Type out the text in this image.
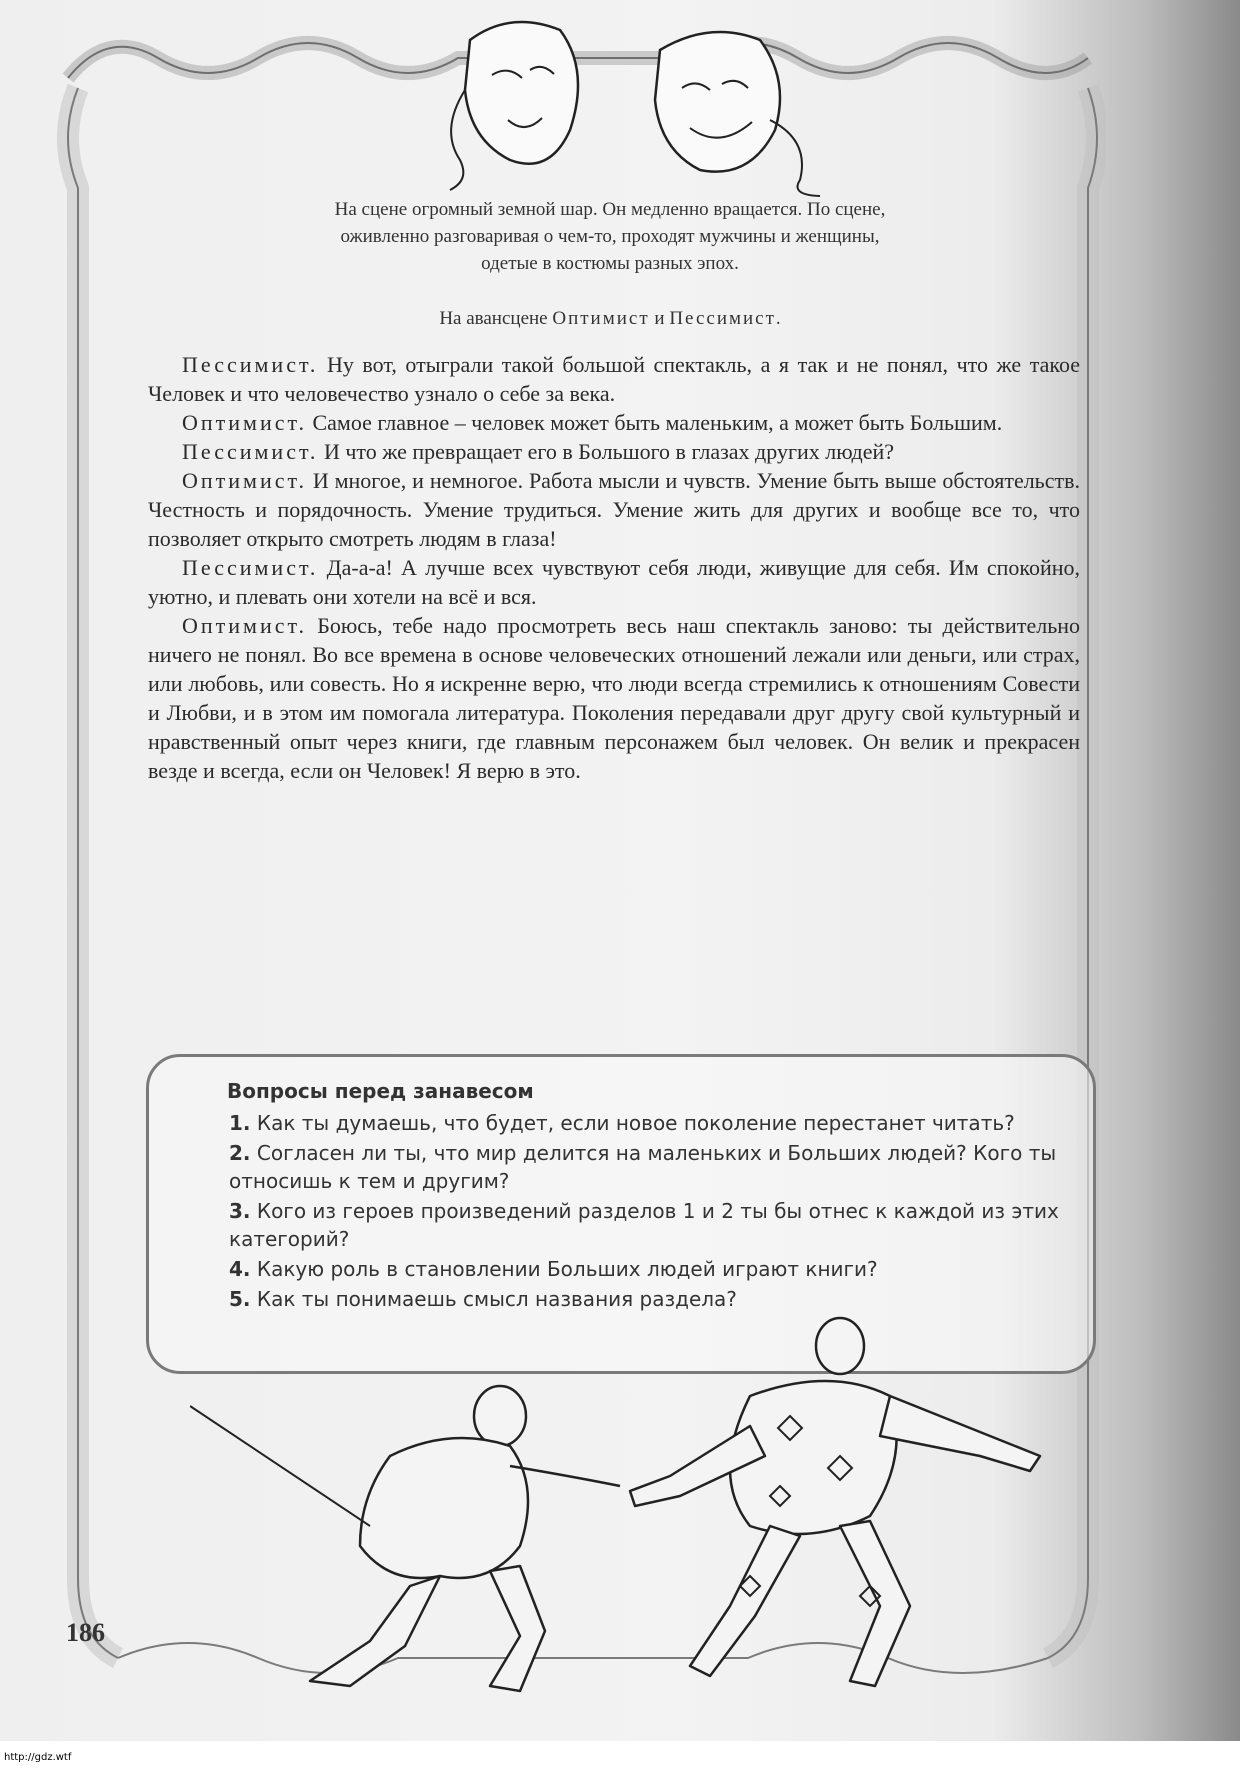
На сцене огромный земной шар. Он медленно вращается. По сцене,

оживленно разговаривая о чем-то, проходят мужчины и женщины,

одетые в костюмы разных эпох.

На авансцене Оптимист и Пессимист.

Пессимист. Ну вот, отыграли такой большой спектакль, а я так и не понял, что же такое Человек и что человечество узнало о себе за века.

Оптимист. Самое главное – человек может быть маленьким, а может быть Большим.

Пессимист. И что же превращает его в Большого в глазах других людей?

Оптимист. И многое, и немногое. Работа мысли и чувств. Умение быть выше обстоятельств. Честность и порядочность. Умение трудиться. Умение жить для других и вообще все то, что позволяет открыто смотреть людям в глаза!

Пессимист. Да-а-а! А лучше всех чувствуют себя люди, живущие для себя. Им спокойно, уютно, и плевать они хотели на всё и вся.

Оптимист. Боюсь, тебе надо просмотреть весь наш спектакль заново: ты действительно ничего не понял. Во все времена в основе человеческих отношений лежали или деньги, или страх, или любовь, или совесть. Но я искренне верю, что люди всегда стремились к отношениям Совести и Любви, и в этом им помогала литература. Поколения передавали друг другу свой культурный и нравственный опыт через книги, где главным персонажем был человек. Он велик и прекрасен везде и всегда, если он Человек! Я верю в это.

Вопросы перед занавесом
1. Как ты думаешь, что будет, если новое поколение перестанет читать?
2. Согласен ли ты, что мир делится на маленьких и Больших людей? Кого ты относишь к тем и другим?
3. Кого из героев произведений разделов 1 и 2 ты бы отнес к каждой из этих категорий?
4. Какую роль в становлении Больших людей играют книги?
5. Как ты понимаешь смысл названия раздела?
186
http://gdz.wtf
